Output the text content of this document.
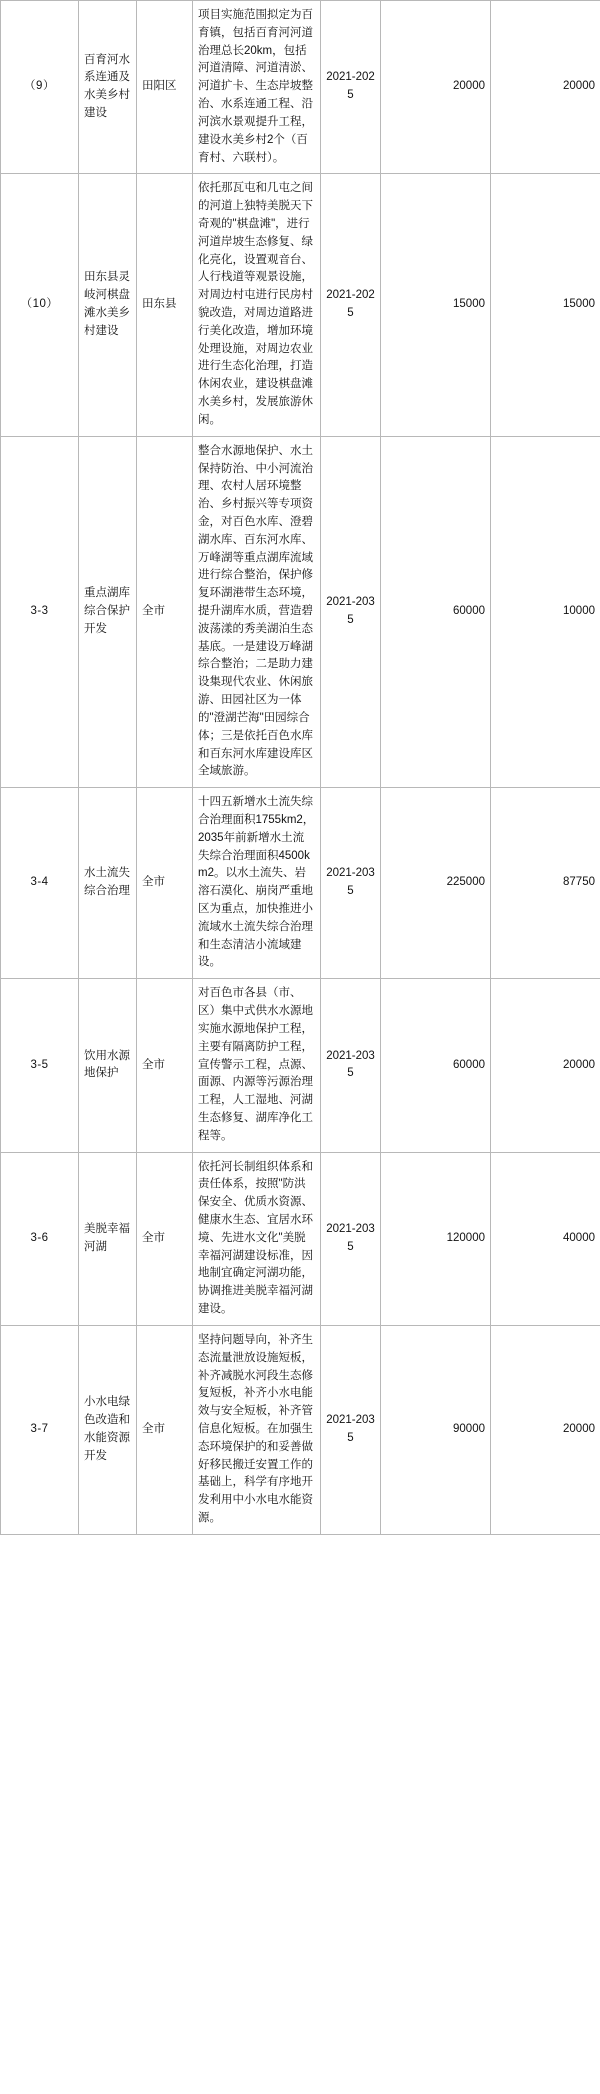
（9）	百育河水系连通及水美乡村建设	田阳区	项目实施范围拟定为百育镇，包括百育河河道治理总长20km，包括河道清障、河道清淤、河道扩卡、生态岸坡整治、水系连通工程、沿河滨水景观提升工程，建设水美乡村2个（百育村、六联村）。	2021-2025	20000	20000
（10）	田东县灵岐河棋盘滩水美乡村建设	田东县	依托那瓦屯和几屯之间的河道上独特美脱天下奇观的"棋盘滩"，进行河道岸坡生态修复、绿化亮化，设置观音台、人行栈道等观景设施，对周边村屯进行民房村貌改造，对周边道路进行美化改造，增加环境处理设施，对周边农业进行生态化治理，打造休闲农业，建设棋盘滩水美乡村，发展旅游休闲。	2021-2025	15000	15000
3-3	重点湖库综合保护开发	全市	整合水源地保护、水土保持防治、中小河流治理、农村人居环境整治、乡村振兴等专项资金，对百色水库、澄碧湖水库、百东河水库、万峰湖等重点湖库流域进行综合整治，保护修复环湖港带生态环境，提升湖库水质，营造碧波荡漾的秀美湖泊生态基底。一是建设万峰湖综合整治；二是助力建设集现代农业、休闲旅游、田园社区为一体的"澄湖芒海"田园综合体；三是依托百色水库和百东河水库建设库区全域旅游。	2021-2035	60000	10000
3-4	水土流失综合治理	全市	十四五新增水土流失综合治理面积1755km2，2035年前新增水土流失综合治理面积4500km2。以水土流失、岩溶石漠化、崩岗严重地区为重点，加快推进小流域水土流失综合治理和生态清洁小流域建设。	2021-2035	225000	87750
3-5	饮用水源地保护	全市	对百色市各县（市、区）集中式供水水源地实施水源地保护工程，主要有隔离防护工程，宣传警示工程，点源、面源、内源等污源治理工程，人工湿地、河湖生态修复、湖库净化工程等。	2021-2035	60000	20000
3-6	美脱幸福河湖	全市	依托河长制组织体系和责任体系，按照"防洪保安全、优质水资源、健康水生态、宜居水环境、先进水文化"美脱幸福河湖建设标准，因地制宜确定河湖功能，协调推进美脱幸福河湖建设。	2021-2035	120000	40000
3-7	小水电绿色改造和水能资源开发	全市	坚持问题导向，补齐生态流量泄放设施短板，补齐减脱水河段生态修复短板，补齐小水电能效与安全短板，补齐管信息化短板。在加强生态环境保护的和妥善做好移民搬迁安置工作的基础上，科学有序地开发利用中小水电水能资源。	2021-2035	90000	20000
